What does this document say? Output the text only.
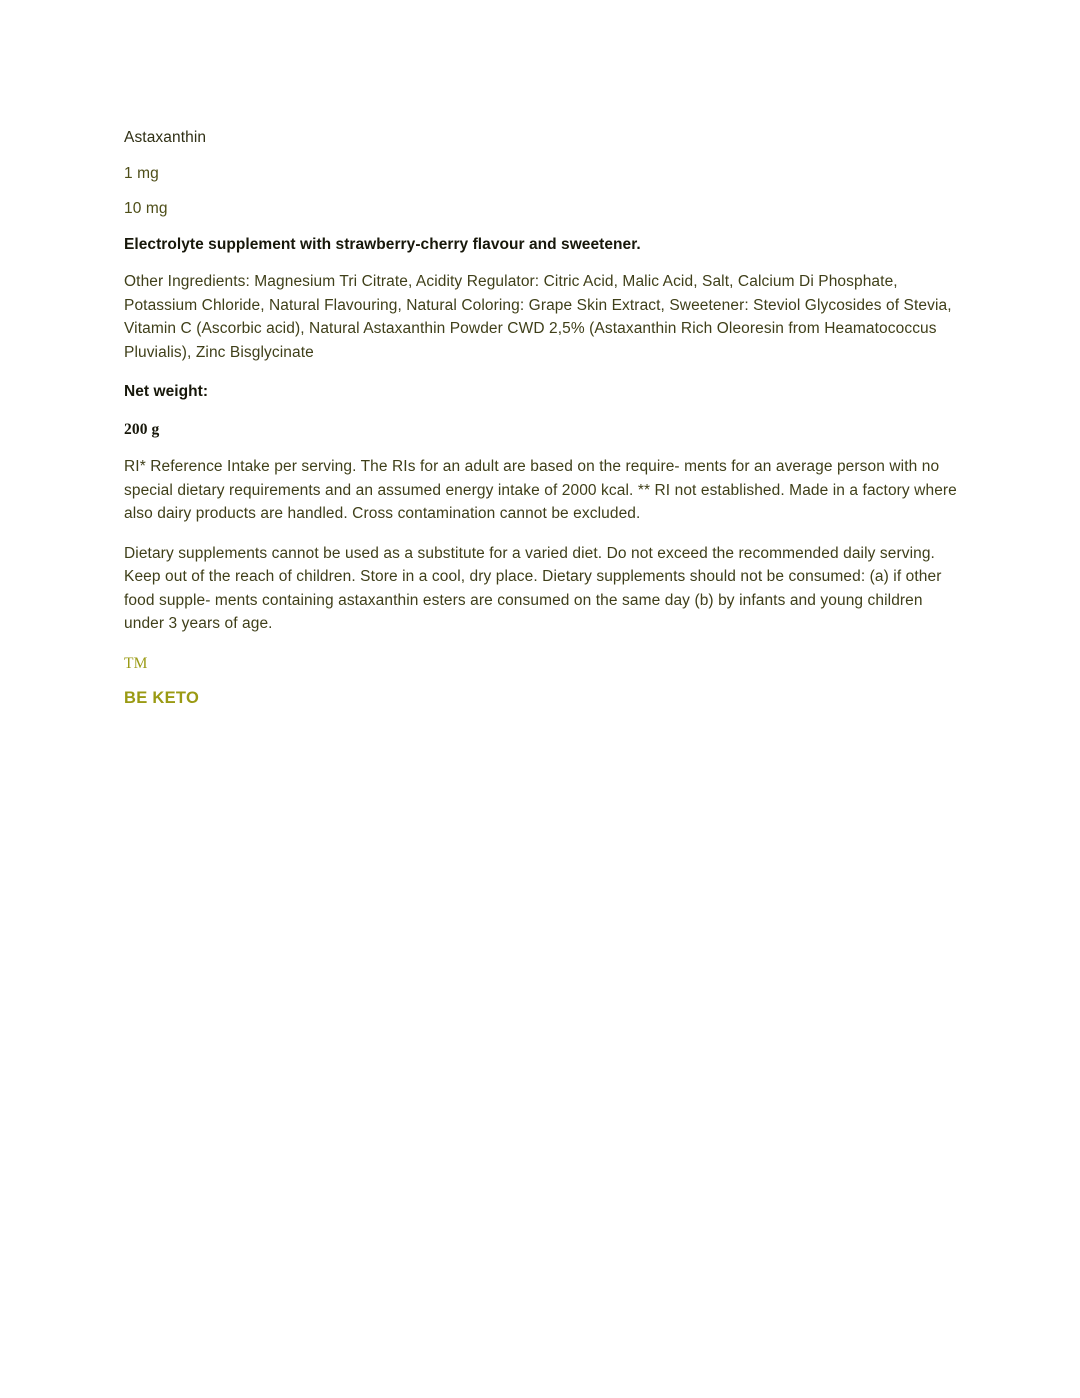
Astaxanthin

1 mg

10 mg

Electrolyte supplement with strawberry-cherry flavour and sweetener.

Other Ingredients: Magnesium Tri Citrate, Acidity Regulator: Citric Acid, Malic Acid, Salt, Calcium Di Phosphate, Potassium Chloride, Natural Flavouring, Natural Coloring: Grape Skin Extract, Sweetener: Steviol Glycosides of Stevia, Vitamin C (Ascorbic acid), Natural Astaxanthin Powder CWD 2,5% (Astaxanthin Rich Oleoresin from Heamatococcus Pluvialis), Zinc Bisglycinate

Net weight:

200 g

RI* Reference Intake per serving. The RIs for an adult are based on the require- ments for an average person with no special dietary requirements and an assumed energy intake of 2000 kcal. ** RI not established. Made in a factory where also dairy products are handled. Cross contamination cannot be excluded.

Dietary supplements cannot be used as a substitute for a varied diet. Do not exceed the recommended daily serving. Keep out of the reach of children. Store in a cool, dry place. Dietary supplements should not be consumed: (a) if other food supple- ments containing astaxanthin esters are consumed on the same day (b) by infants and young children under 3 years of age.

TM

BE KETO
